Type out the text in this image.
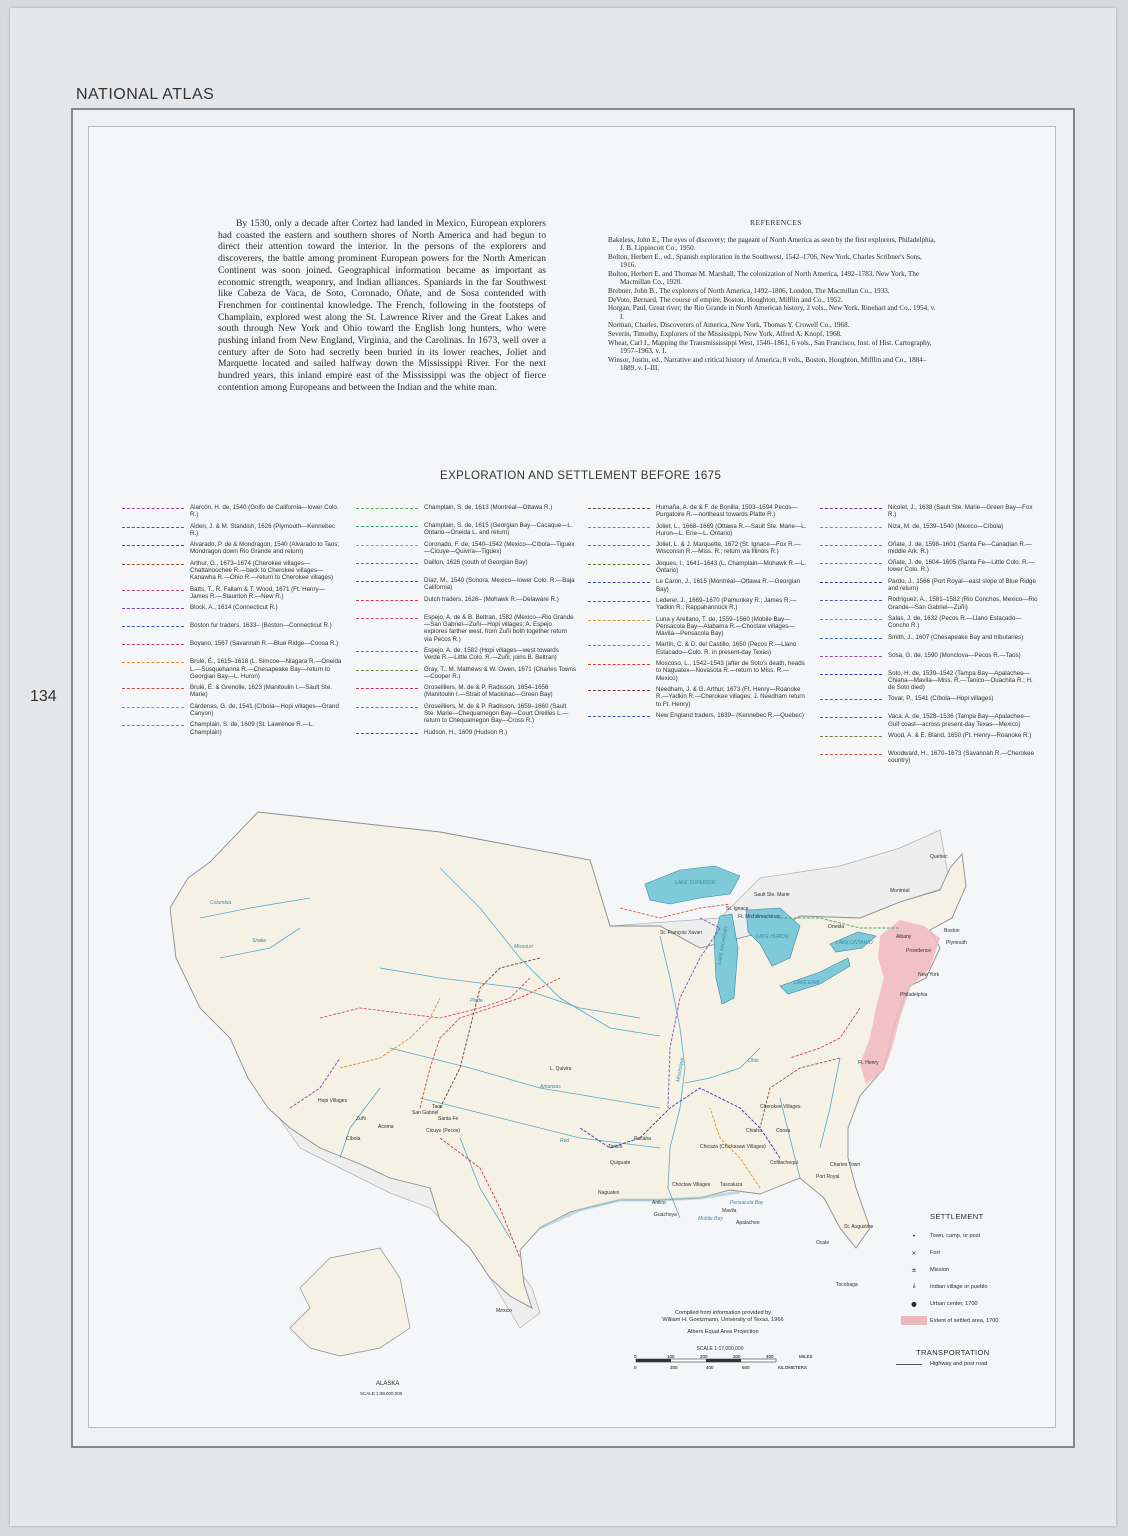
NATIONAL ATLAS
134

By 1530, only a decade after Cortez had landed in Mexico, European explorers had coasted the eastern and southern shores of North America and had begun to direct their attention toward the interior. In the persons of the explorers and discoverers, the battle among prominent European powers for the North American Continent was soon joined. Geographical information became as important as economic strength, weaponry, and Indian alliances. Spaniards in the far Southwest like Cabeza de Vaca, de Soto, Coronado, Oñate, and de Sosa contended with Frenchmen for continental knowledge. The French, following in the footsteps of Champlain, explored west along the St. Lawrence River and the Great Lakes and south through New York and Ohio toward the English long hunters, who were pushing inland from New England, Virginia, and the Carolinas. In 1673, well over a century after de Soto had secretly been buried in its lower reaches, Joliet and Marquette located and sailed halfway down the Mississippi River. For the next hundred years, this inland empire east of the Mississippi was the object of fierce contention among Europeans and between the Indian and the white man.

REFERENCES
Bakeless, John E., The eyes of discovery; the pageant of North America as seen by the first explorers, Philadelphia, J. B. Lippincott Co., 1950.
Bolton, Herbert E., ed., Spanish exploration in the Southwest, 1542–1706, New York, Charles Scribner's Sons, 1916.
Bolton, Herbert E. and Thomas M. Marshall, The colonization of North America, 1492–1783, New York, The Macmillan Co., 1920.
Brebner, John B., The explorers of North America, 1492–1806, London, The Macmillan Co., 1933.
DeVoto, Bernard, The course of empire, Boston, Houghton, Mifflin and Co., 1952.
Horgan, Paul, Great river; the Rio Grande in North American history, 2 vols., New York, Rinehart and Co., 1954, v. I.
Norman, Charles, Discoverers of America, New York, Thomas Y. Crowell Co., 1968.
Severin, Timothy, Explorers of the Mississippi, New York, Alfred A. Knopf, 1968.
Wheat, Carl I., Mapping the Transmississippi West, 1540–1861, 6 vols., San Francisco, Inst. of Hist. Cartography, 1957–1963, v. I.
Winsor, Justin, ed., Narrative and critical history of America, 8 vols., Boston, Houghton, Mifflin and Co., 1884–1889, v. I–III.
EXPLORATION AND SETTLEMENT BEFORE 1675
Alarcón, H. de, 1540 (Golfo de California—lower Colo. R.)
Alden, J. & M. Standish, 1626 (Plymouth—Kennebec R.)
Alvarado, P. de & Mondragon, 1540 (Alvarado to Taos; Mondragon down Rio Grande and return)
Arthur, G., 1673–1674 (Cherokee villages—Chattahoochee R.—back to Cherokee villages—Kanawha R.—Ohio R.—return to Cherokee villages)
Batts, T., R. Fallam & T. Wood, 1671 (Ft. Henry—James R.—Staunton R.—New R.)
Block, A., 1614 (Connecticut R.)
Boston fur traders, 1633– (Boston—Connecticut R.)
Boyano, 1567 (Savannah R.—Blue Ridge—Coosa R.)
Brulé, É., 1615–1618 (L. Simcoe—Niagara R.—Oneida L.—Susquehanna R.—Chesapeake Bay—return to Georgian Bay—L. Huron)
Brulé, É. & Grenolle, 1623 (Manitoulin I.—Sault Ste. Marie)
Cárdenas, G. de, 1541 (Cíbola—Hopi villages—Grand Canyon)
Champlain, S. de, 1609 (St. Lawrence R.—L. Champlain)
Champlain, S. de, 1613 (Montréal—Ottawa R.)
Champlain, S. de, 1615 (Georgian Bay—Cacaque—L. Ontario—Oneida L. and return)
Coronado, F. de, 1540–1542 (Mexico—Cíbola—Tiguex—Cicuye—Quivira—Tiguex)
Daillon, 1626 (south of Georgian Bay)
Díaz, M., 1540 (Sonora, Mexico—lower Colo. R.—Baja California)
Dutch traders, 1626– (Mohawk R.—Delaware R.)
Espejo, A. de & B. Beltran, 1582 (Mexico—Rio Grande—San Gabriel—Zuñi—Hopi villages; A. Espejo explores farther west, from Zuñi both together return via Pecos R.)
Espejo, A. de, 1582 (Hopi villages—west towards Verde R.—Little Colo. R.—Zuñi; joins B. Beltran)
Gray, T., M. Mathews & W. Owen, 1671 (Charles Towns—Cooper R.)
Groseilliers, M. de & P. Radisson, 1654–1656 (Manitoulin I.—Strait of Mackinac—Green Bay)
Groseilliers, M. de & P. Radisson, 1659–1660 (Sault Ste. Marie—Chequamegon Bay—Court Oreilles L.—return to Chequamegon Bay—Cross R.)
Hudson, H., 1609 (Hudson R.)
Humaña, A. de & F. de Bonilla, 1593–1594 Pecos—Purgatoire R.—northeast towards Platte R.)
Joliet, L., 1668–1669 (Ottawa R.—Sault Ste. Marie—L. Huron—L. Erie—L. Ontario)
Joliet, L. & J. Marquette, 1672 (St. Ignace—Fox R.—Wisconsin R.—Miss. R.; return via Illinois R.)
Joques, I., 1641–1643 (L. Champlain—Mohawk R.—L. Ontario)
Le Caron, J., 1615 (Montréal—Ottawa R.—Georgian Bay)
Lederer, J., 1669–1670 (Pamunkey R.; James R.—Yadkin R.; Rappahannock R.)
Luna y Arellano, T. de, 1559–1560 (Mobile Bay—Pensacola Bay—Alabama R.—Choctaw villages—Mavila—Pensacola Bay)
Martín, C. & D. del Castillo, 1650 (Pecos R.—Llano Estacado—Colo. R. in present-day Texas)
Moscoso, L., 1542–1543 (after de Soto's death, heads to Naguatex—Novasota R.—return to Miss. R.—Mexico)
Needham, J. & G. Arthur, 1673 (Ft. Henry—Roanoke R.—Yadkin R.—Cherokee villages; J. Needham return to Ft. Henry)
New England traders, 1639– (Kennebec R.—Quebec)
Nicolet, J., 1638 (Sault Ste. Marie—Green Bay—Fox R.)
Niza, M. de, 1539–1540 (Mexico—Cíbola)
Oñate, J. de, 1598–1601 (Santa Fe—Canadian R.—middle Ark. R.)
Oñate, J. de, 1604–1605 (Santa Fe—Little Colo. R.—lower Colo. R.)
Pardo, J., 1566 (Port Royal—east slope of Blue Ridge and return)
Rodríguez, A., 1581–1582 (Rio Conchos, Mexico—Rio Grande—San Gabriel—Zuñi)
Salas, J. de, 1632 (Pecos R.—Llano Estacado—Concho R.)
Smith, J., 1607 (Chesapeake Bay and tributaries)
Sosa, G. de, 1590 (Monclova—Pecos R.—Taos)
Soto, H. de, 1539–1542 (Tampa Bay—Apalachee—Chiaha—Mavila—Miss. R.—Tanico—Ouachita R.; H. de Soto died)
Tovar, P., 1541 (Cíbola—Hopi villages)
Vaca, A. de, 1528–1536 (Tampa Bay—Apalachee—Gulf coast—across present-day Texas—Mexico)
Wood, A. & E. Bland, 1650 (Ft. Henry—Roanoke R.)
Woodward, H., 1670–1673 (Savannah R.—Cherokee country)
Quebec
Montréal
Sault Ste. Marie
St. Ignace
Ft. Michilimackinac
Oneida
Albany
Boston
Plymouth
Providence
New York
Philadelphia
Ft. Henry
St. François Xavier
L. Quivira
Hopi Villages
Zuñi
Acoma
Taos
San Gabriel
Santa Fe
Cicuye (Pecos)
Cíbola
Cherokee Villages
Chiaha	Coosa
Cofitachequi	Charles Town
Port Royal
St. Augustine
Ocale
Tocobaga
Apalachee
Mavila
Tascaluza
Tanico
Pacaha
Quiguate
Chicaza (Chickasaw Villages)
Choctaw Villages
Naguatex
Anilco
Guachoya
Mexico
LAKE SUPERIOR
LAKE MICHIGAN	LAKE HURON
LAKE ERIE
LAKE ONTARIO
Missouri
Platte
Arkansas
Red
Ohio
Mississippi
Columbia
Snake
Mobile Bay
Pensacola Bay
ALASKA
SCALE 1:38,000,000
Compiled from information provided by
William H. Goetzmann, University of Texas, 1966
Albers Equal Area Projection
SCALE 1:17,000,000
0	100	200	300	400	MILES
0	200	400	600	KILOMETERS
SETTLEMENT
•	Town, camp, or post
×	Fort
±	Mission
⫰	Indian village or pueblo
●	Urban center, 1700
Extent of settled area, 1700
TRANSPORTATION
Highway and post road
